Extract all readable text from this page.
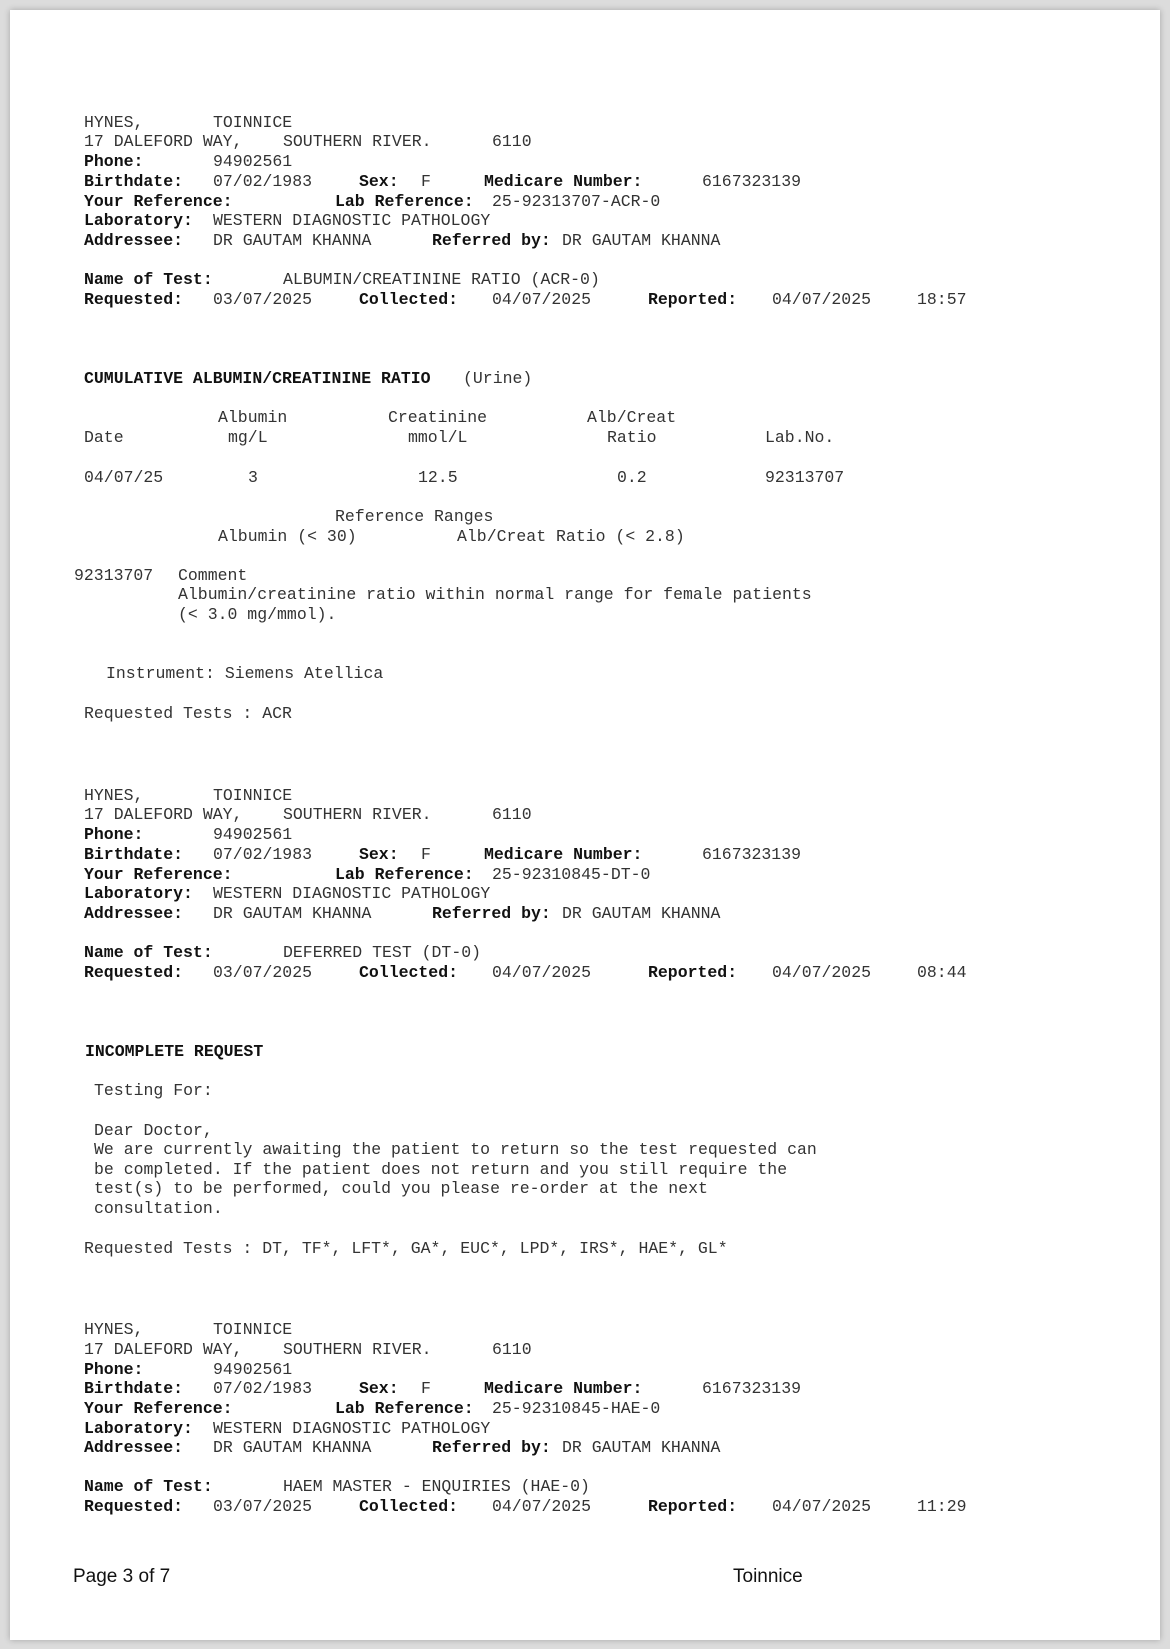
HYNES,	TOINNICE
17 DALEFORD WAY, SOUTHERN RIVER.	6110
Phone:	94902561
Birthdate: 07/02/1983	Sex: F	Medicare Number:	6167323139
Your Reference:	Lab Reference: 25-92313707-ACR-0
Laboratory: WESTERN DIAGNOSTIC PATHOLOGY
Addressee: DR GAUTAM KHANNA	Referred by: DR GAUTAM KHANNA
Name of Test:	ALBUMIN/CREATININE RATIO (ACR-0)
Requested: 03/07/2025	Collected: 04/07/2025	Reported: 04/07/2025	18:57
CUMULATIVE ALBUMIN/CREATININE RATIO (Urine)
Albumin	Creatinine	Alb/Creat
Date	mg/L	mmol/L	Ratio	Lab.No.
04/07/25	3	12.5	0.2	92313707
Reference Ranges
Albumin (< 30)	Alb/Creat Ratio (< 2.8)
92313707 Comment
Albumin/creatinine ratio within normal range for female patients
(< 3.0 mg/mmol).
Instrument: Siemens Atellica
Requested Tests : ACR
HYNES,	TOINNICE
17 DALEFORD WAY, SOUTHERN RIVER.	6110
Phone:	94902561
Birthdate: 07/02/1983	Sex: F	Medicare Number:	6167323139
Your Reference:	Lab Reference: 25-92310845-DT-0
Laboratory: WESTERN DIAGNOSTIC PATHOLOGY
Addressee: DR GAUTAM KHANNA	Referred by: DR GAUTAM KHANNA
Name of Test:	DEFERRED TEST (DT-0)
Requested: 03/07/2025	Collected: 04/07/2025	Reported: 04/07/2025	08:44
INCOMPLETE REQUEST
Testing For:
Dear Doctor,
We are currently awaiting the patient to return so the test requested can
be completed. If the patient does not return and you still require the
test(s) to be performed, could you please re-order at the next
consultation.
Requested Tests : DT, TF*, LFT*, GA*, EUC*, LPD*, IRS*, HAE*, GL*
HYNES,	TOINNICE
17 DALEFORD WAY, SOUTHERN RIVER.	6110
Phone:	94902561
Birthdate: 07/02/1983	Sex: F	Medicare Number:	6167323139
Your Reference:	Lab Reference: 25-92310845-HAE-0
Laboratory: WESTERN DIAGNOSTIC PATHOLOGY
Addressee: DR GAUTAM KHANNA	Referred by: DR GAUTAM KHANNA
Name of Test:	HAEM MASTER - ENQUIRIES (HAE-0)
Requested: 03/07/2025	Collected: 04/07/2025	Reported: 04/07/2025	11:29
Page 3 of 7	Toinnice
